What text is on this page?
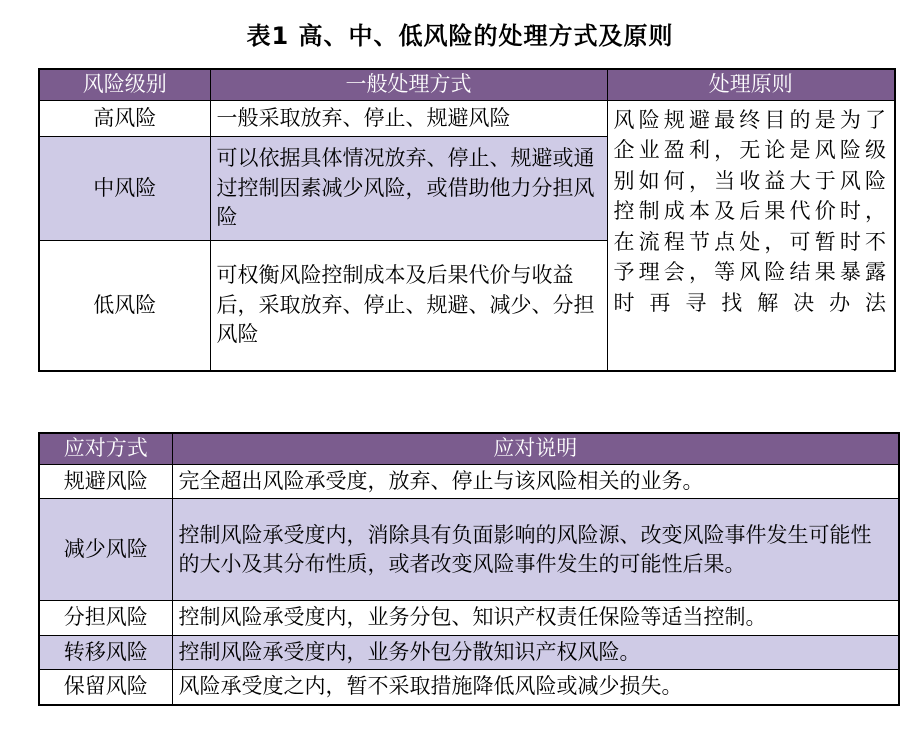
表1 高、中、低风险的处理方式及原则
风险级别	一般处理方式	处理原则
高风险	一般采取放弃、停止、规避风险	风险规避最终目的是为了企业盈利，无论是风险级别如何，当收益大于风险控制成本及后果代价时，在流程节点处，可暂时不予理会，等风险结果暴露时再寻找解决办法
中风险	可以依据具体情况放弃、停止、规避或通过控制因素减少风险，或借助他力分担风险	
低风险	可权衡风险控制成本及后果代价与收益后，采取放弃、停止、规避、减少、分担风险	
应对方式	应对说明
规避风险	完全超出风险承受度，放弃、停止与该风险相关的业务。
减少风险	控制风险承受度内，消除具有负面影响的风险源、改变风险事件发生可能性的大小及其分布性质，或者改变风险事件发生的可能性后果。
分担风险	控制风险承受度内，业务分包、知识产权责任保险等适当控制。
转移风险	控制风险承受度内，业务外包分散知识产权风险。
保留风险	风险承受度之内，暂不采取措施降低风险或减少损失。
